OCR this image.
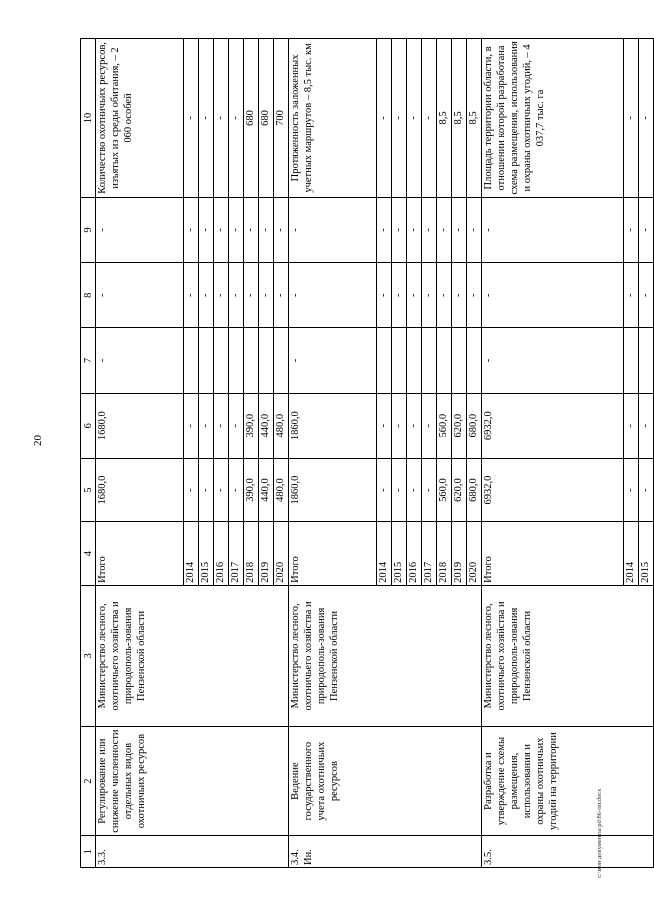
20
c:\мои документы\pd\86-пп.docx
1	2	3	4	5	6	7	8	9	10
3.3.	Регулирование или снижение численности отдельных видов охотничьих ресурсов	Министерство лесного, охотничьего хозяйства и природополь-зования Пензенской области	Итого	1680,0	1680,0	-	-	-	Количество охотничьих ресурсов, изъятых из среды обитания, – 2 060 особей
			2014	-	-		-	-	-
			2015	-	-		-	-	-
			2016	-	-		-	-	-
			2017	-	-		-	-	-
			2018	390,0	390,0		-	-	680
			2019	440,0	440,0		-	-	680
			2020	480,0	480,0		-	-	700
3.4. Ин.	Ведение государственного учета охотничьих ресурсов	Министерство лесного, охотничьего хозяйства и природополь-зования Пензенской области	Итого	1860,0	1860,0	-	-	-	Протяженность заложенных учетных маршрутов – 8,5 тыс. км
			2014	-	-		-	-	-
			2015	-	-		-	-	-
			2016	-	-		-	-	-
			2017	-	-		-	-	-
			2018	560,0	560,0		-	-	8,5
			2019	620,0	620,0		-	-	8,5
			2020	680,0	680,0		-	-	8,5
3.5.	Разработка и утверждение схемы размещения, использования и охраны охотничьих угодий на территории	Министерство лесного, охотничьего хозяйства и природополь-зования Пензенской области	Итого	6932,0	6932,0	-	-	-	Площадь территории области, в отношении которой разработана схема размещения, использования и охраны охотничьих угодий, – 4 037,7 тыс. га
			2014	-	-		-	-	-
			2015	-	-		-	-	-
